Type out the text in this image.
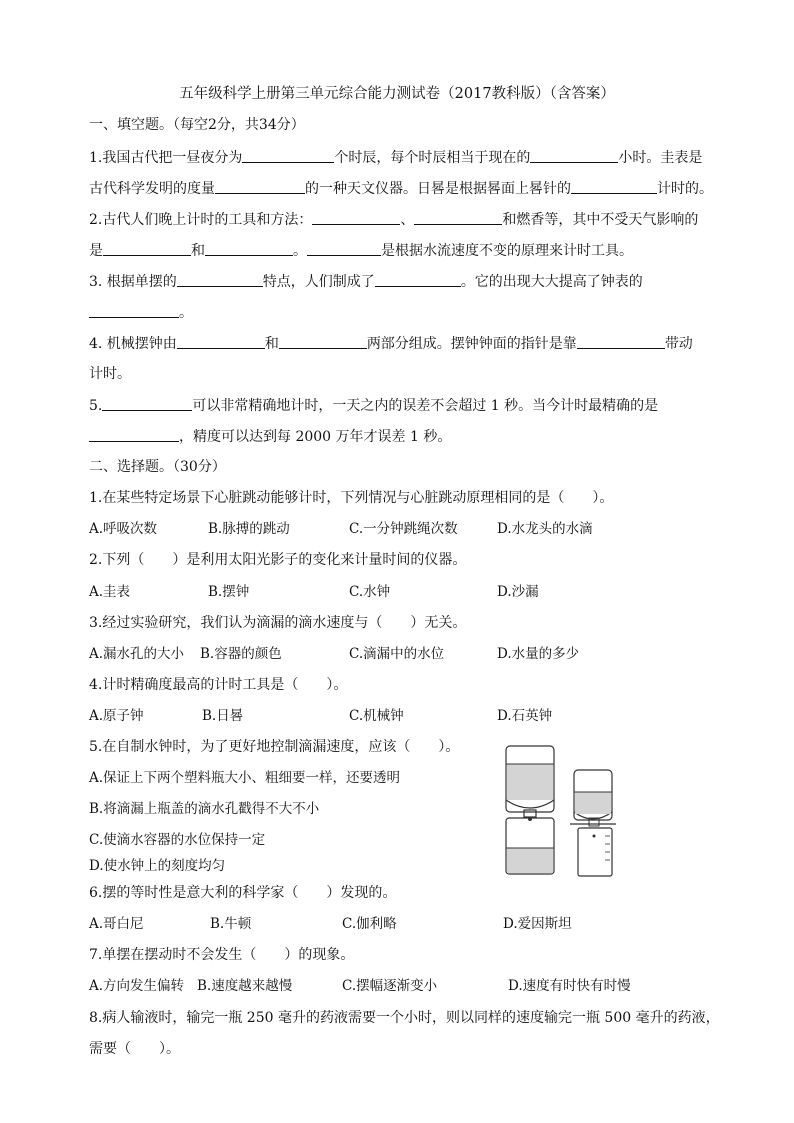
五年级科学上册第三单元综合能力测试卷（2017教科版）（含答案）
一、填空题。（每空2分，共34分）
1.我国古代把一昼夜分为	个时辰，每个时辰相当于现在的	小时。圭表是
古代科学发明的度量	的一种天文仪器。日晷是根据晷面上晷针的	计时的。
2.古代人们晚上计时的工具和方法：	、	和燃香等，其中不受天气影响的
是	和	。	是根据水流速度不变的原理来计时工具。
3. 根据单摆的	特点，人们制成了	。它的出现大大提高了钟表的
。
4. 机械摆钟由	和	两部分组成。摆钟钟面的指针是靠	带动
计时。
5.	可以非常精确地计时，一天之内的误差不会超过 1 秒。当今计时最精确的是
，精度可以达到每 2000 万年才误差 1 秒。
二、选择题。（30分）
1.在某些特定场景下心脏跳动能够计时，下列情况与心脏跳动原理相同的是（　　）。
A.呼吸次数	B.脉搏的跳动	C.一分钟跳绳次数	D.水龙头的水滴
2.下列（　　）是利用太阳光影子的变化来计量时间的仪器。
A.圭表	B.摆钟	C.水钟	D.沙漏
3.经过实验研究，我们认为滴漏的滴水速度与（　　）无关。
A.漏水孔的大小 B.容器的颜色	C.滴漏中的水位	D.水量的多少
4.计时精确度最高的计时工具是（　　）。
A.原子钟	B.日晷	C.机械钟	D.石英钟
5.在自制水钟时，为了更好地控制滴漏速度，应该（　　）。
A.保证上下两个塑料瓶大小、粗细要一样，还要透明
B.将滴漏上瓶盖的滴水孔戳得不大不小
C.使滴水容器的水位保持一定
D.使水钟上的刻度均匀
6.摆的等时性是意大利的科学家（　　）发现的。
A.哥白尼	B.牛顿	C.伽利略	D.爱因斯坦
7.单摆在摆动时不会发生（　　）的现象。
A.方向发生偏转 B.速度越来越慢	C.摆幅逐渐变小	D.速度有时快有时慢
8.病人输液时，输完一瓶 250 毫升的药液需要一个小时，则以同样的速度输完一瓶 500 毫升的药液，
需要（　　）。
